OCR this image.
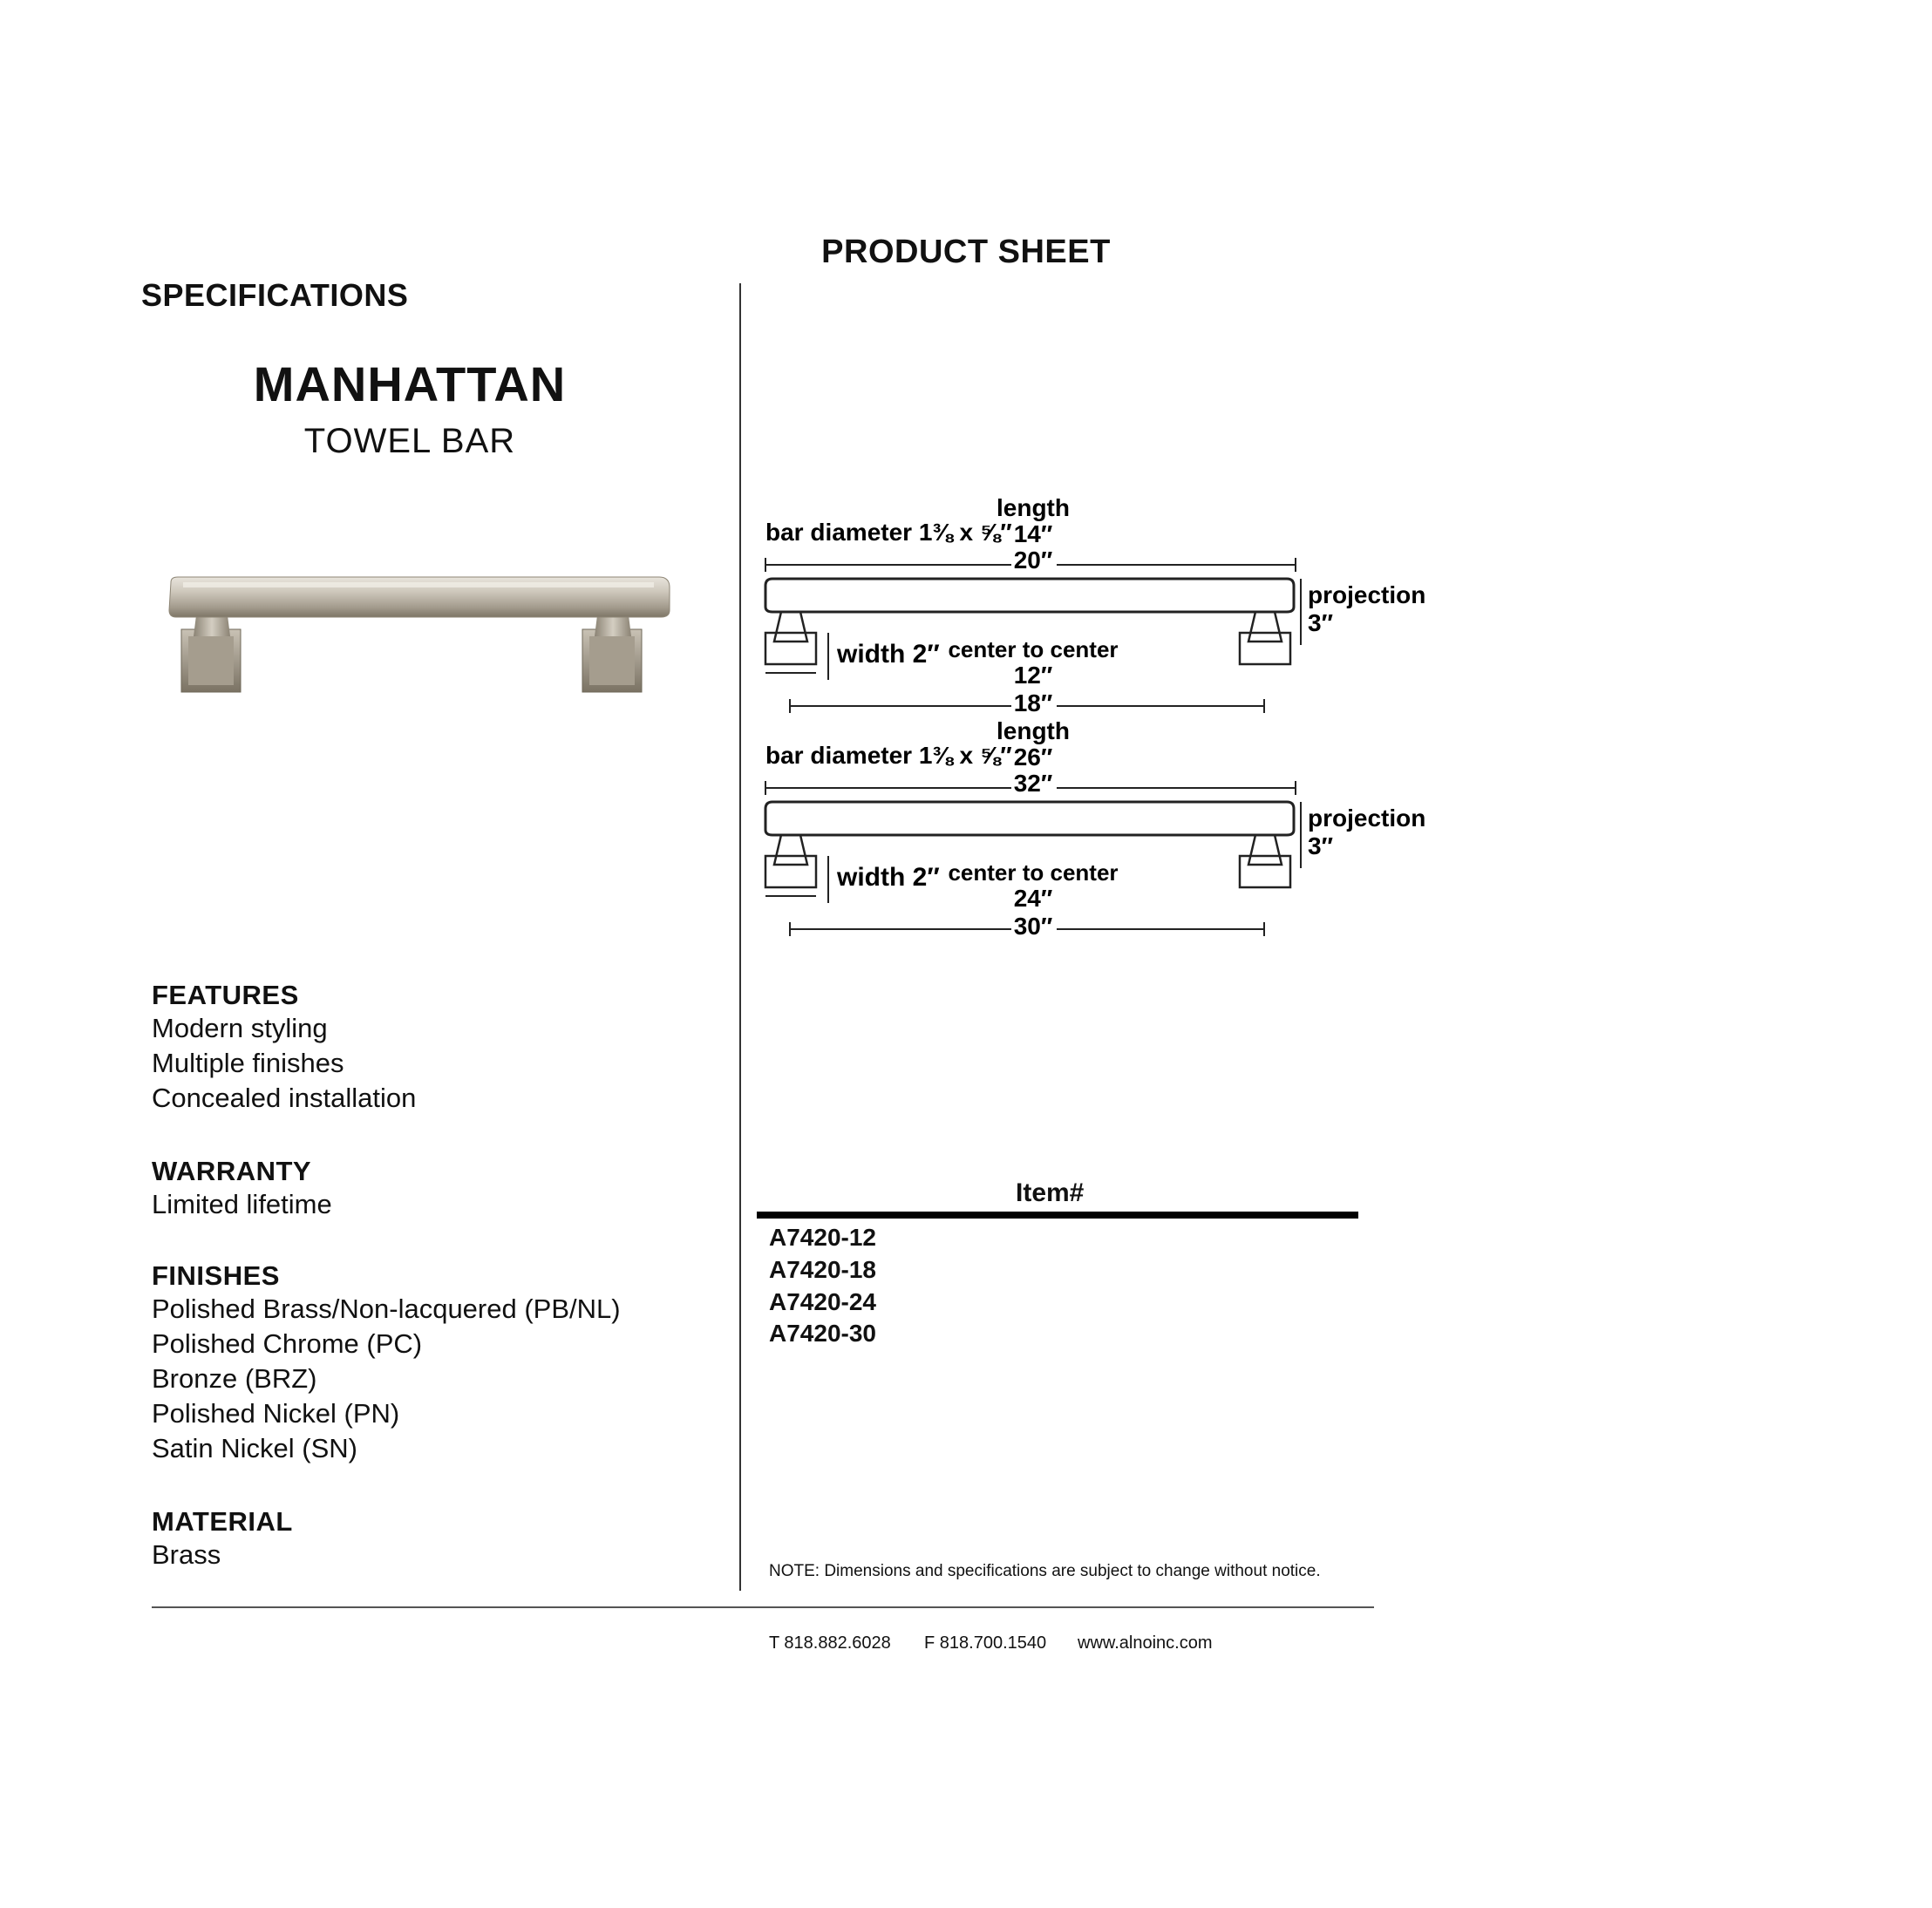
PRODUCT SHEET
SPECIFICATIONS
MANHATTAN
TOWEL BAR
bar diameter 1⅜ x ⅝″
length
14″
20″
projection
3″
width 2″ center to center
12″
18″
bar diameter 1⅜ x ⅝″
length
26″
32″
projection
3″
width 2″ center to center
24″
30″
FEATURES
Modern styling
Multiple finishes
Concealed installation
WARRANTY
Limited lifetime
FINISHES
Polished Brass/Non-lacquered (PB/NL)
Polished Chrome (PC)
Bronze (BRZ)
Polished Nickel (PN)
Satin Nickel (SN)
MATERIAL
Brass
Item#
A7420-12
A7420-18
A7420-24
A7420-30
NOTE: Dimensions and specifications are subject to change without notice.
T 818.882.6028 F 818.700.1540 www.alnoinc.com
